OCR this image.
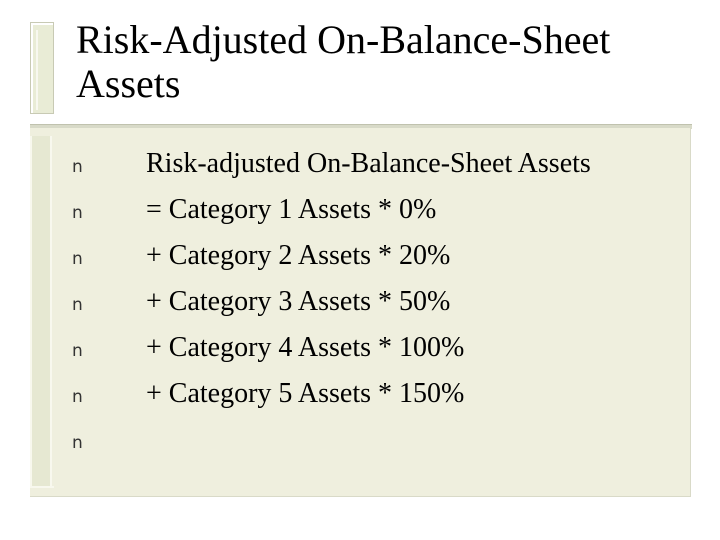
Risk-Adjusted On-Balance-Sheet Assets
n Risk-adjusted On-Balance-Sheet Assets
n = Category 1 Assets * 0%
n + Category 2 Assets * 20%
n + Category 3 Assets * 50%
n + Category 4 Assets * 100%
n + Category 5 Assets * 150%
n
